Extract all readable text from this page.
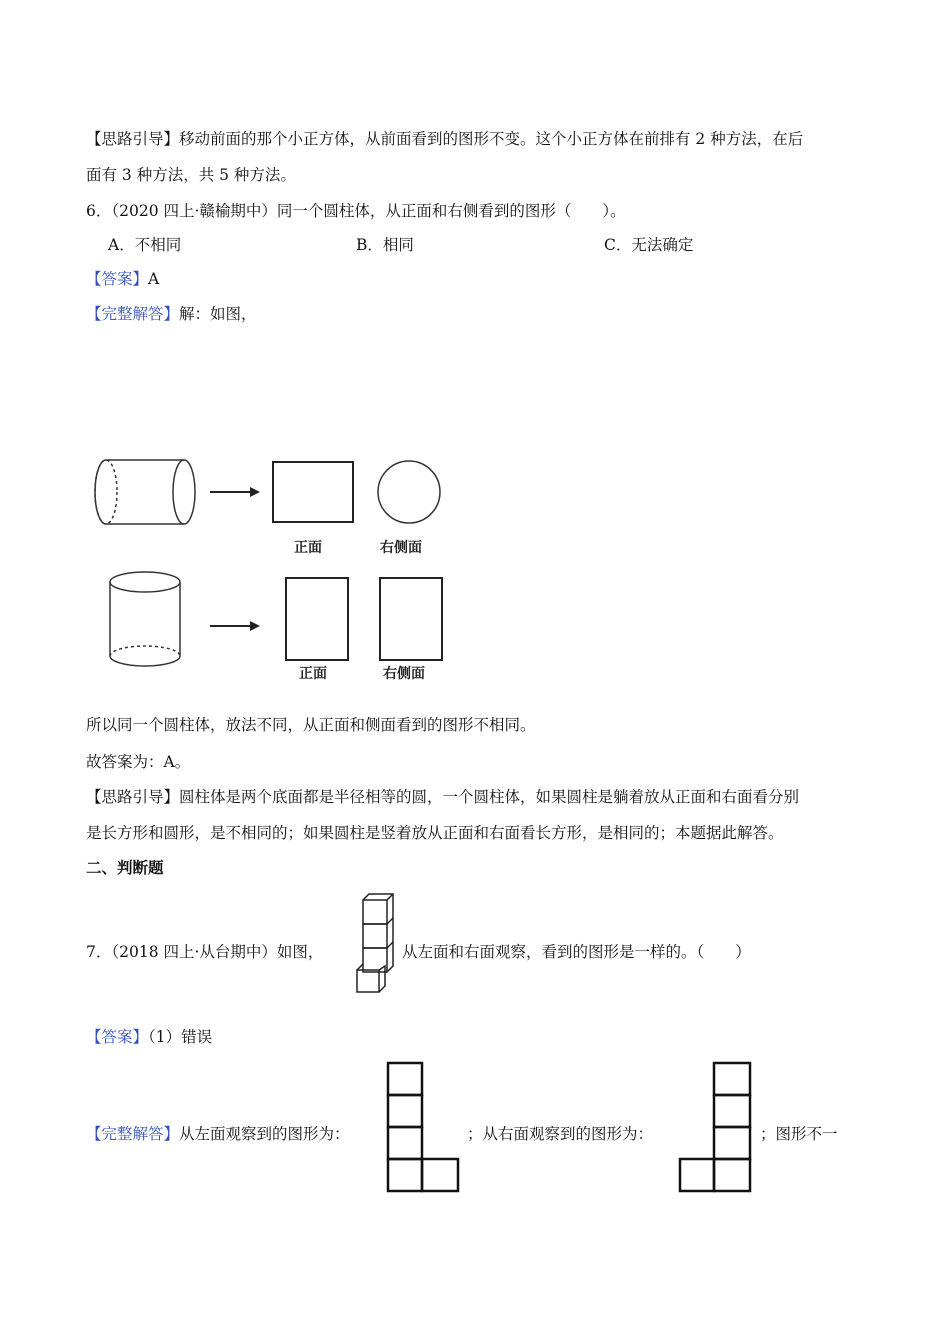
【思路引导】移动前面的那个小正方体，从前面看到的图形不变。这个小正方体在前排有 2 种方法，在后
面有 3 种方法，共 5 种方法。
6．（2020 四上·赣榆期中）同一个圆柱体，从正面和右侧看到的图形（　　）。
A．不相同	B．相同	C．无法确定
【答案】A
【完整解答】解：如图，
正面	右侧面
正面	右侧面
所以同一个圆柱体，放法不同，从正面和侧面看到的图形不相同。
故答案为：A。
【思路引导】圆柱体是两个底面都是半径相等的圆，一个圆柱体，如果圆柱是躺着放从正面和右面看分别
是长方形和圆形，是不相同的；如果圆柱是竖着放从正面和右面看长方形，是相同的；本题据此解答。
二、判断题
7．（2018 四上·从台期中）如图，	从左面和右面观察，看到的图形是一样的。（　　）
【答案】（1）错误
【完整解答】从左面观察到的图形为：	；从右面观察到的图形为：	；图形不一
